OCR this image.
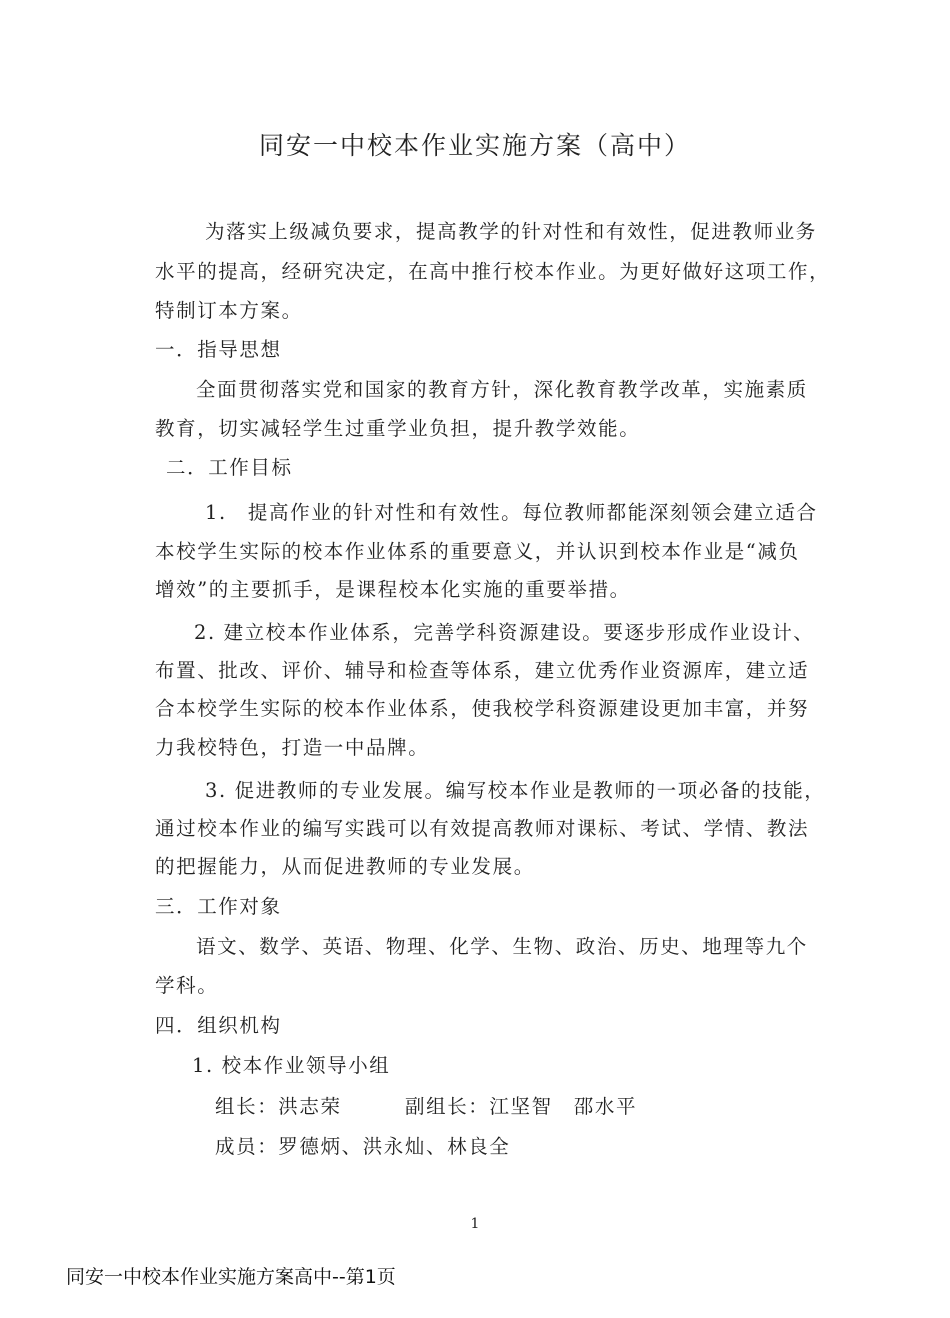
同安一中校本作业实施方案（高中）
为落实上级减负要求，提高教学的针对性和有效性，促进教师业务
水平的提高，经研究决定，在高中推行校本作业。为更好做好这项工作，
特制订本方案。
一．指导思想
全面贯彻落实党和国家的教育方针，深化教育教学改革，实施素质
教育，切实减轻学生过重学业负担，提升教学效能。
二．工作目标
1.　提高作业的针对性和有效性。每位教师都能深刻领会建立适合
本校学生实际的校本作业体系的重要意义，并认识到校本作业是“减负
增效”的主要抓手，是课程校本化实施的重要举措。
2. 建立校本作业体系，完善学科资源建设。要逐步形成作业设计、
布置、批改、评价、辅导和检查等体系，建立优秀作业资源库，建立适
合本校学生实际的校本作业体系，使我校学科资源建设更加丰富，并努
力我校特色，打造一中品牌。
3. 促进教师的专业发展。编写校本作业是教师的一项必备的技能，
通过校本作业的编写实践可以有效提高教师对课标、考试、学情、教法
的把握能力，从而促进教师的专业发展。
三．工作对象
语文、数学、英语、物理、化学、生物、政治、历史、地理等九个
学科。
四．组织机构
1. 校本作业领导小组
组长：洪志荣	副组长：江坚智　邵水平
成员：罗德炳、洪永灿、林良全
1
同安一中校本作业实施方案高中--第1页
